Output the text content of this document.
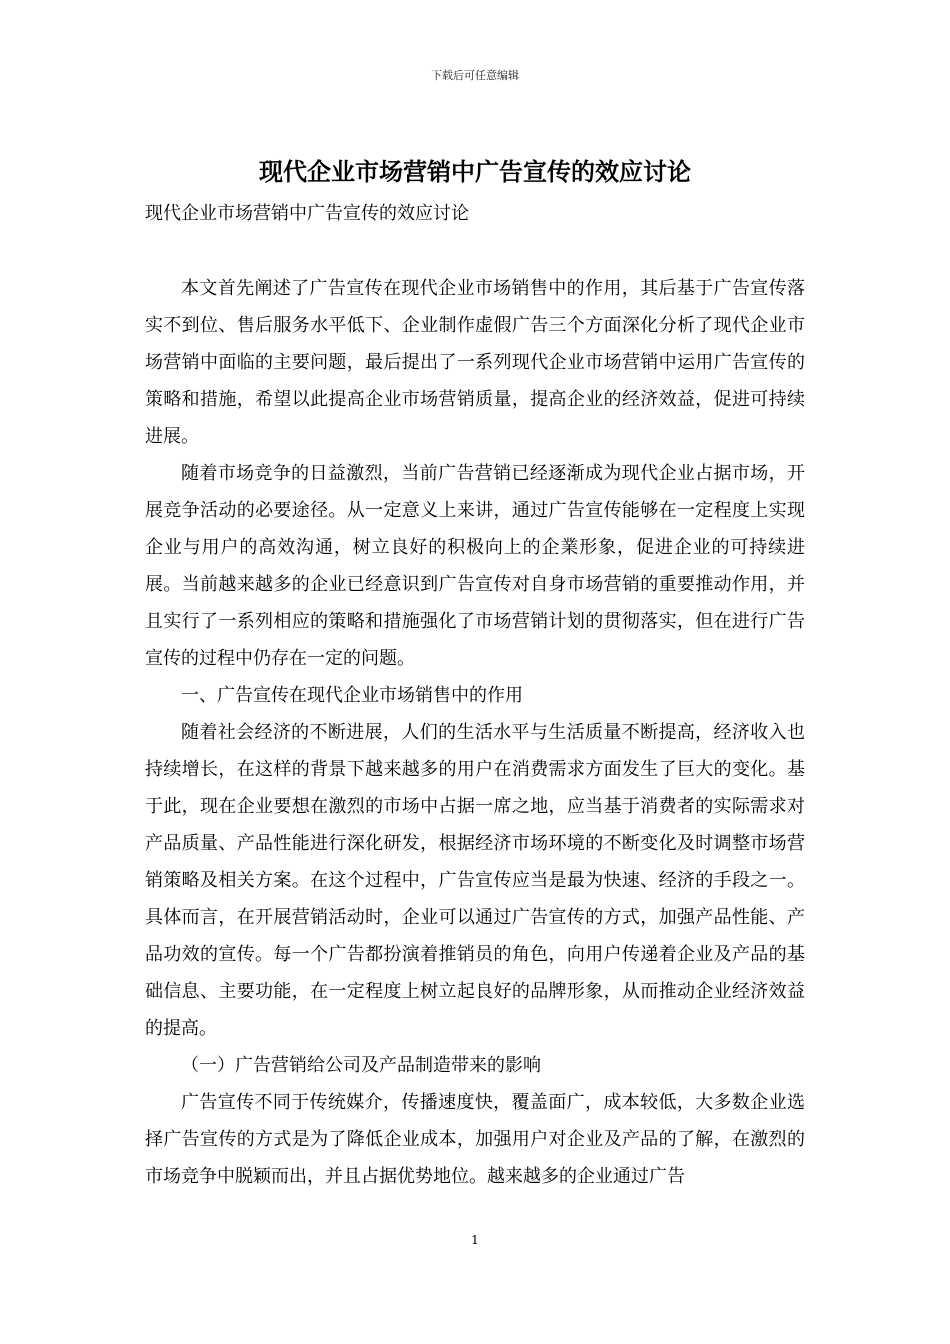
下载后可任意编辑
现代企业市场营销中广告宣传的效应讨论
现代企业市场营销中广告宣传的效应讨论

本文首先阐述了广告宣传在现代企业市场销售中的作用，其后基于广告宣传落实不到位、售后服务水平低下、企业制作虚假广告三个方面深化分析了现代企业市场营销中面临的主要问题，最后提出了一系列现代企业市场营销中运用广告宣传的策略和措施，希望以此提高企业市场营销质量，提高企业的经济效益，促进可持续进展。

随着市场竞争的日益激烈，当前广告营销已经逐渐成为现代企业占据市场，开展竞争活动的必要途径。从一定意义上来讲，通过广告宣传能够在一定程度上实现企业与用户的高效沟通，树立良好的积极向上的企業形象，促进企业的可持续进展。当前越来越多的企业已经意识到广告宣传对自身市场营销的重要推动作用，并且实行了一系列相应的策略和措施强化了市场营销计划的贯彻落实，但在进行广告宣传的过程中仍存在一定的问题。

一、广告宣传在现代企业市场销售中的作用

随着社会经济的不断进展，人们的生活水平与生活质量不断提高，经济收入也持续增长，在这样的背景下越来越多的用户在消费需求方面发生了巨大的变化。基于此，现在企业要想在激烈的市场中占据一席之地，应当基于消费者的实际需求对产品质量、产品性能进行深化研发，根据经济市场环境的不断变化及时调整市场营销策略及相关方案。在这个过程中，广告宣传应当是最为快速、经济的手段之一。具体而言，在开展营销活动时，企业可以通过广告宣传的方式，加强产品性能、产品功效的宣传。每一个广告都扮演着推销员的角色，向用户传递着企业及产品的基础信息、主要功能，在一定程度上树立起良好的品牌形象，从而推动企业经济效益的提高。

（一）广告营销给公司及产品制造带来的影响

广告宣传不同于传统媒介，传播速度快，覆盖面广，成本较低，大多数企业选择广告宣传的方式是为了降低企业成本，加强用户对企业及产品的了解，在激烈的市场竞争中脱颖而出，并且占据优势地位。越来越多的企业通过广告

1
